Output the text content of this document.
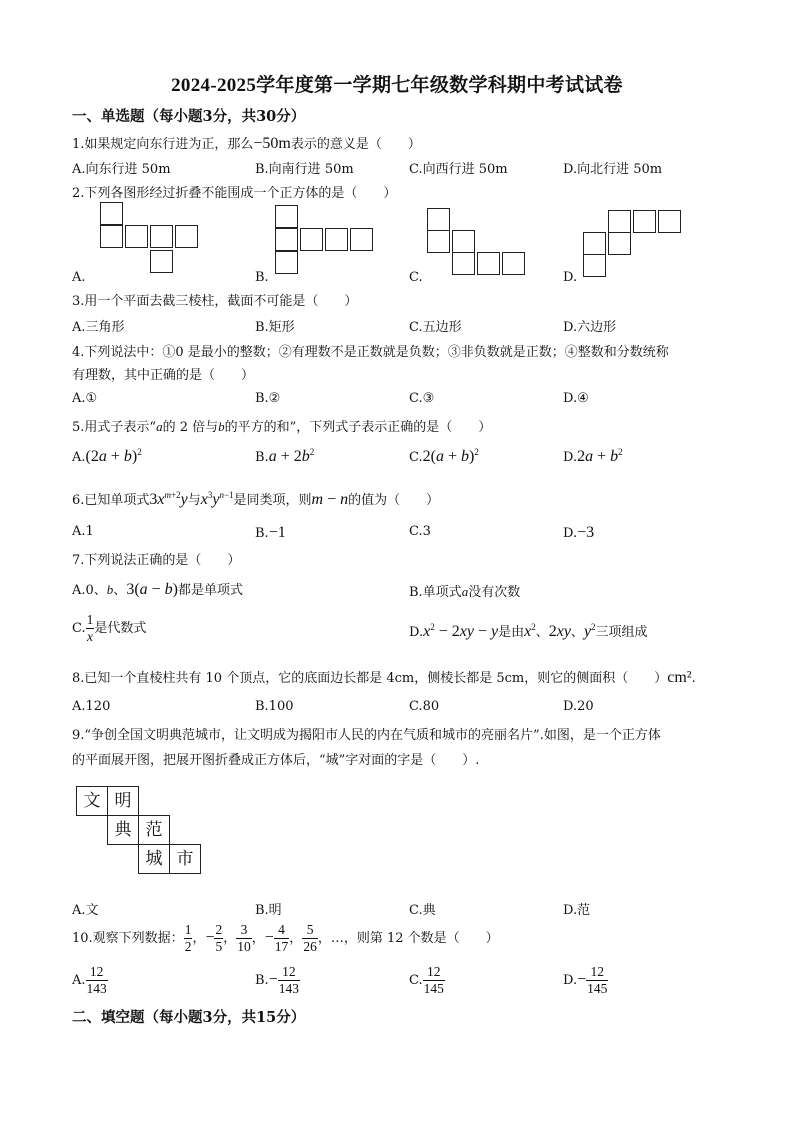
2024-2025学年度第一学期七年级数学科期中考试试卷
一、单选题（每小题3分，共30分）
1.如果规定向东行进为正，那么−50m表示的意义是（　　）
A.向东行进 50m	B.向南行进 50m	C.向西行进 50m	D.向北行进 50m
2.下列各图形经过折叠不能围成一个正方体的是（　　）
A.	B.	C.	D.
3.用一个平面去截三棱柱，截面不可能是（　　）
A.三角形	B.矩形	C.五边形	D.六边形
4.下列说法中：①0 是最小的整数；②有理数不是正数就是负数；③非负数就是正数；④整数和分数统称
有理数，其中正确的是（　　）
A.①	B.②	C.③	D.④
5.用式子表示“a的 2 倍与b的平方的和”，下列式子表示正确的是（　　）
$A.(2a + b)^2$	$B.a + 2b^2$	$C.2(a + b)^2$	$D.2a + b^2$
6.已知单项式$3x^{m+2}y$与$x^3y^{n-1}$是同类项，则m − n的值为（　　）
A.1	B.−1	C.3	D.−3
7.下列说法正确的是（　　）
A.0、b、3(a − b)都是单项式	B.单项式a没有次数
C. $\frac{1}{x}$ 是代数式	$D.x^2 - 2xy - y$是由$x^2$、2xy、$y^2$三项组成
8.已知一个直棱柱共有 10 个顶点，它的底面边长都是 4cm，侧棱长都是 5cm，则它的侧面积（　　）cm².
A.120	B.100	C.80	D.20
9.“争创全国文明典范城市，让文明成为揭阳市人民的内在气质和城市的亮丽名片”.如图，是一个正方体
的平面展开图，把展开图折叠成正方体后，“城”字对面的字是（　　）.
文 明
典 范
城 市
A.文	B.明	C.典	D.范
10.观察下列数据： $\frac{1}{2}$ ，− $\frac{2}{5}$ ， $\frac{3}{10}$ ，− $\frac{4}{17}$ ， $\frac{5}{26}$ ，…，则第 12 个数是（　　）
A. $\frac{12}{143}$	$B.- \frac{12}{143}$	C. $\frac{12}{145}$	$D.- \frac{12}{145}$
二、填空题（每小题3分，共15分）
